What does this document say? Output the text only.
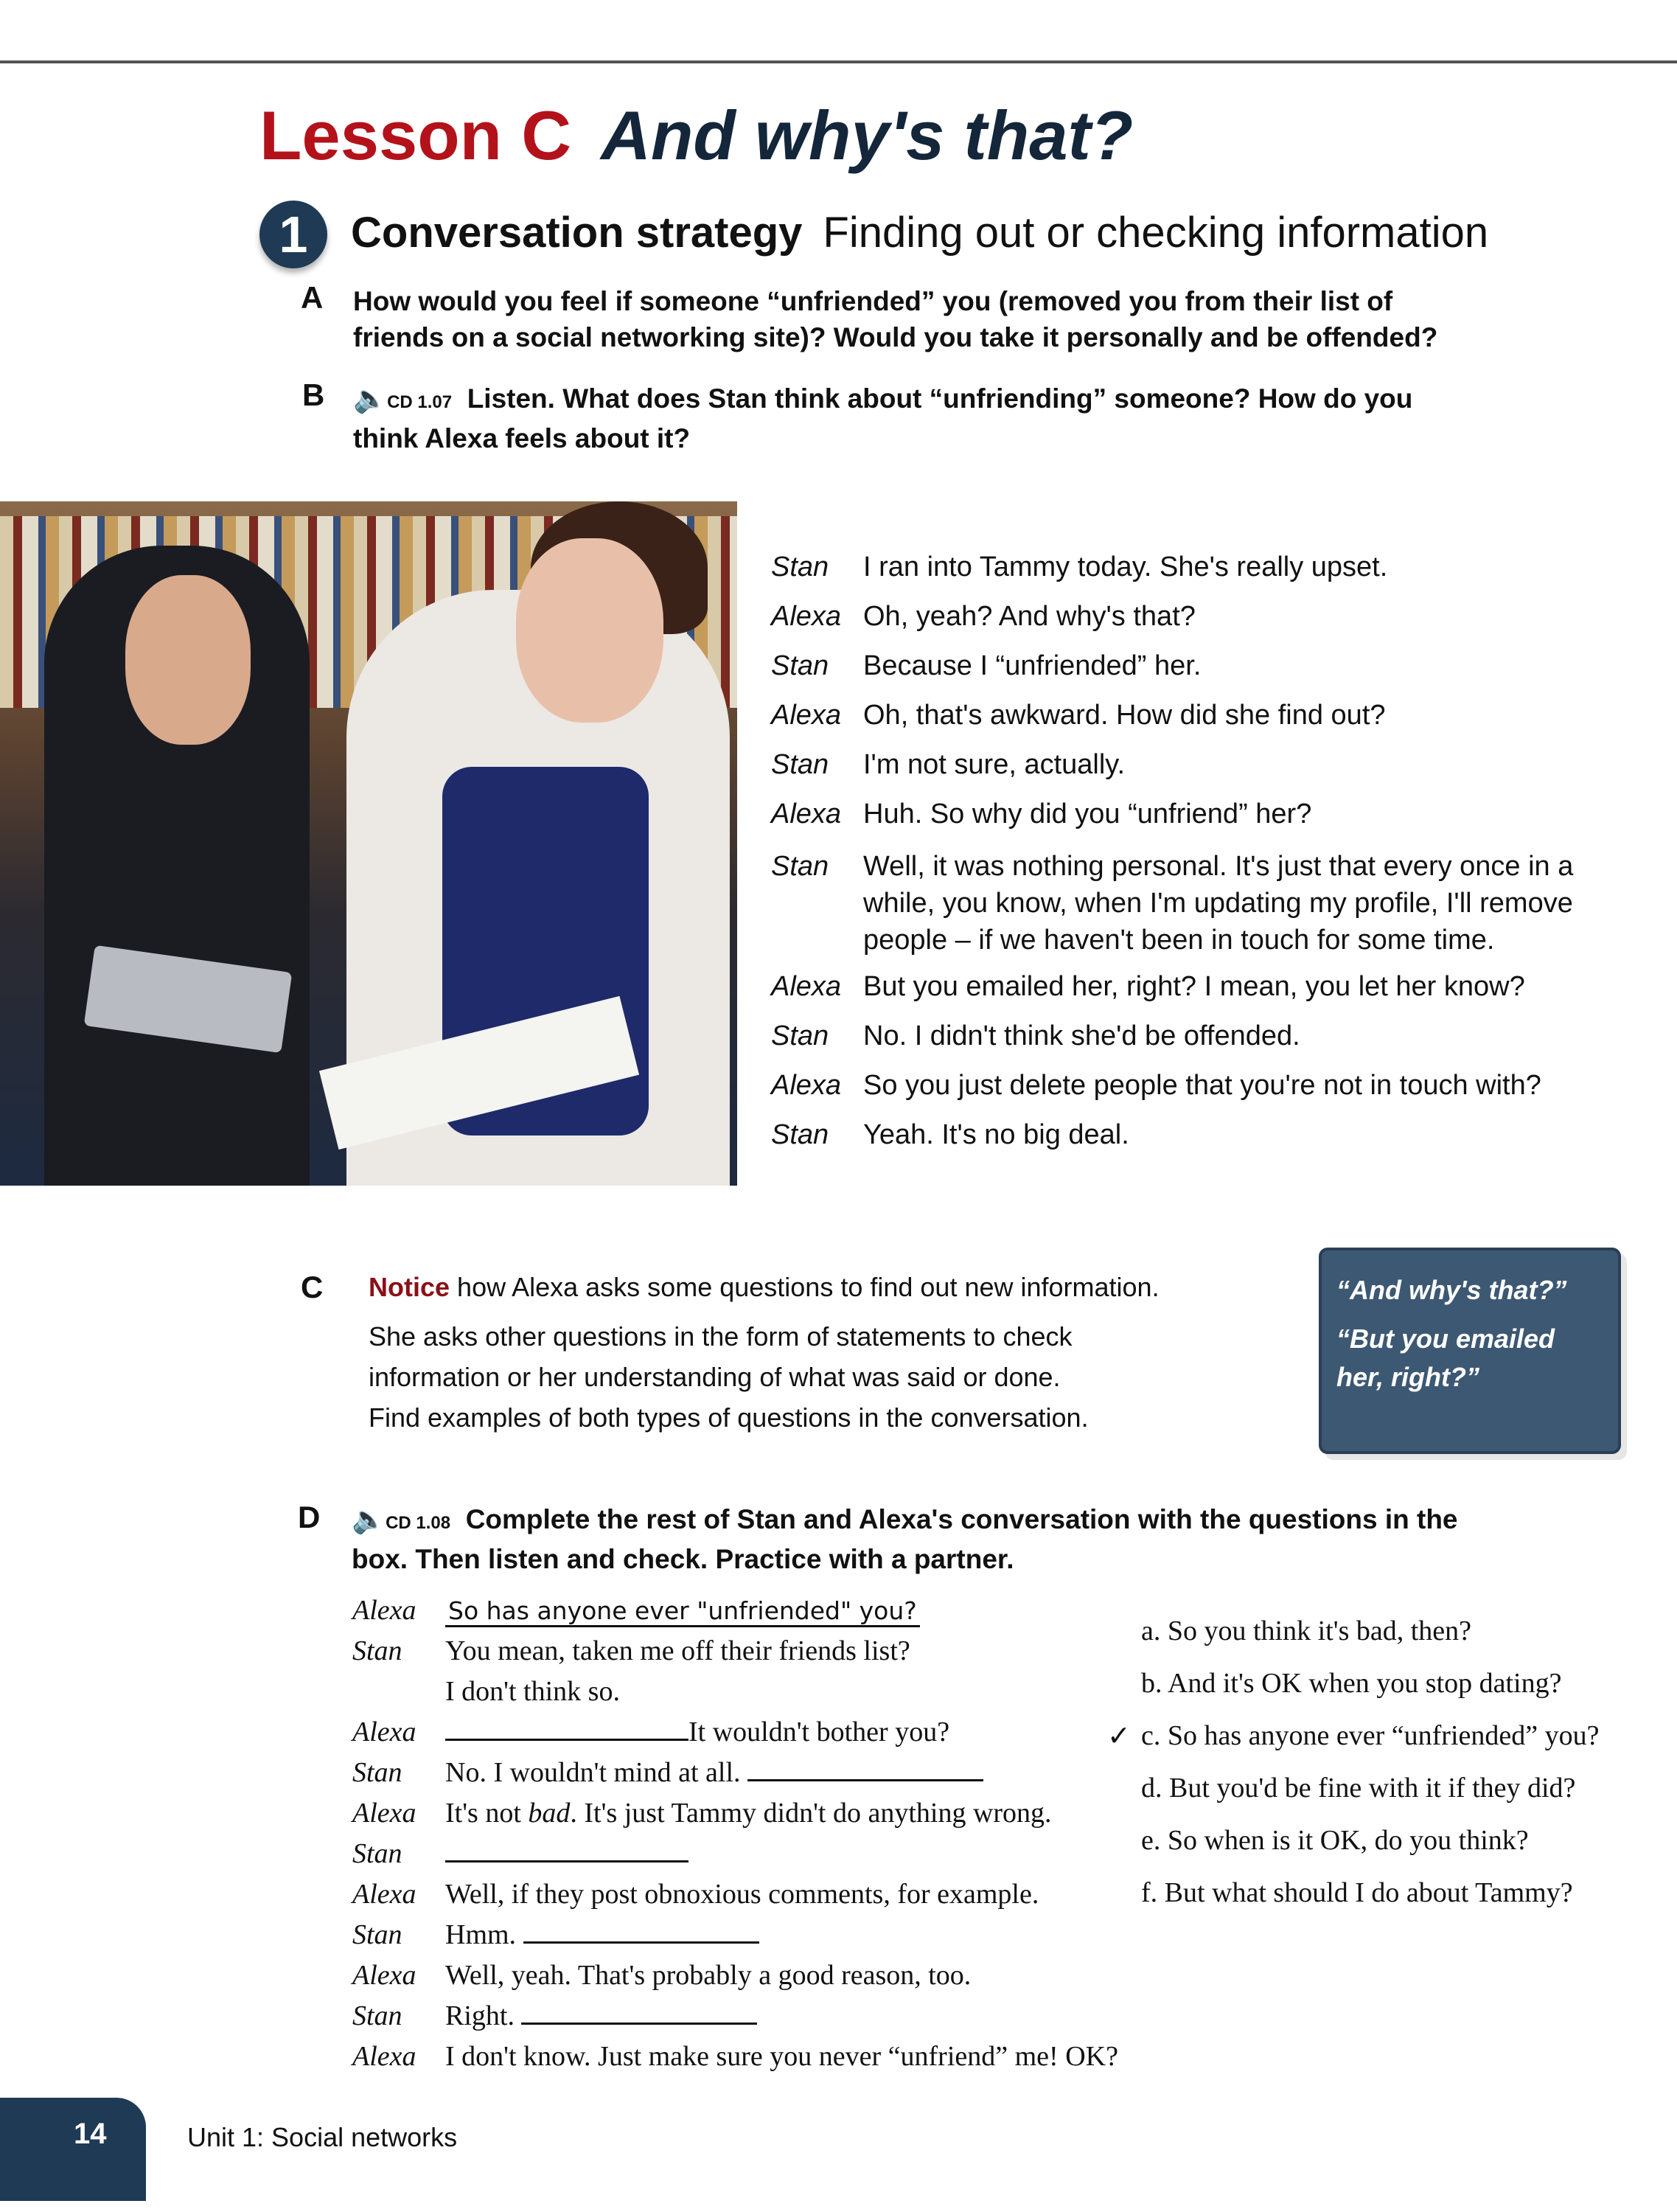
Lesson C And why's that?
1	Conversation strategy Finding out or checking information
A How would you feel if someone “unfriended” you (removed you from their list of
friends on a social networking site)? Would you take it personally and be offended?
B 🔈CD 1.07 Listen. What does Stan think about “unfriending” someone? How do you
think Alexa feels about it?
Stan I ran into Tammy today. She's really upset.
Alexa Oh, yeah? And why's that?
Stan Because I “unfriended” her.
Alexa Oh, that's awkward. How did she find out?
Stan I'm not sure, actually.
Alexa Huh. So why did you “unfriend” her?
Stan Well, it was nothing personal. It's just that every once in a
while, you know, when I'm updating my profile, I'll remove
people – if we haven't been in touch for some time.
Alexa But you emailed her, right? I mean, you let her know?
Stan No. I didn't think she'd be offended.
Alexa So you just delete people that you're not in touch with?
Stan Yeah. It's no big deal.
C Notice how Alexa asks some questions to find out new information.
She asks other questions in the form of statements to check
information or her understanding of what was said or done.
Find examples of both types of questions in the conversation.
“And why's that?”
“But you emailed
her, right?”
D 🔈CD 1.08 Complete the rest of Stan and Alexa's conversation with the questions in the
box. Then listen and check. Practice with a partner.
Alexa So has anyone ever "unfriended" you?
Stan You mean, taken me off their friends list?
I don't think so.
Alexa	It wouldn't bother you?
Stan No. I wouldn't mind at all.
Alexa It's not bad. It's just Tammy didn't do anything wrong.
Stan
Alexa Well, if they post obnoxious comments, for example.
Stan Hmm.
Alexa Well, yeah. That's probably a good reason, too.
Stan Right.
Alexa I don't know. Just make sure you never “unfriend” me! OK?
a. So you think it's bad, then?
b. And it's OK when you stop dating?
✓ c. So has anyone ever “unfriended” you?
d. But you'd be fine with it if they did?
e. So when is it OK, do you think?
f. But what should I do about Tammy?
14	Unit 1: Social networks
